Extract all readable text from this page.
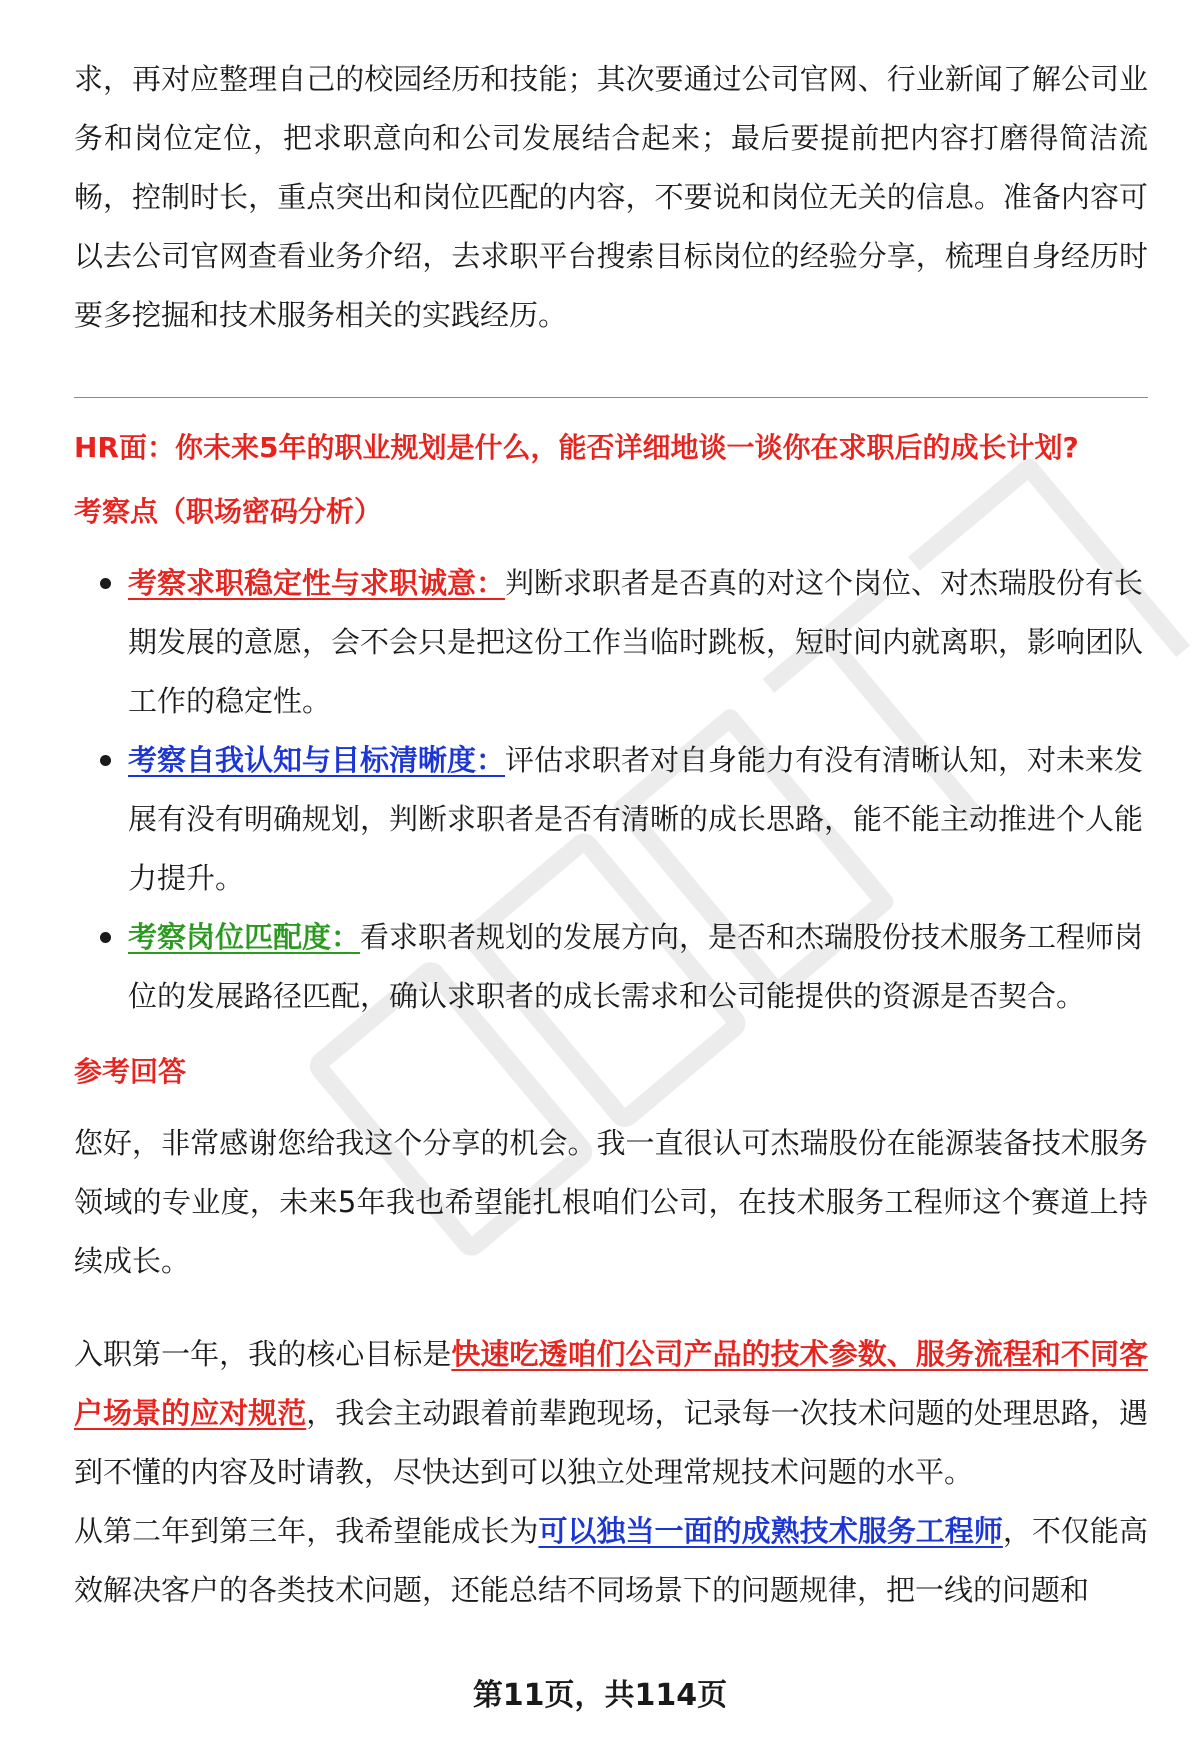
求，再对应整理自己的校园经历和技能；其次要通过公司官网、行业新闻了解公司业务和岗位定位，把求职意向和公司发展结合起来；最后要提前把内容打磨得简洁流畅，控制时长，重点突出和岗位匹配的内容，不要说和岗位无关的信息。准备内容可以去公司官网查看业务介绍，去求职平台搜索目标岗位的经验分享，梳理自身经历时要多挖掘和技术服务相关的实践经历。

HR面：你未来5年的职业规划是什么，能否详细地谈一谈你在求职后的成长计划?

考察点（职场密码分析）

考察求职稳定性与求职诚意：判断求职者是否真的对这个岗位、对杰瑞股份有长期发展的意愿，会不会只是把这份工作当临时跳板，短时间内就离职，影响团队工作的稳定性。
考察自我认知与目标清晰度：评估求职者对自身能力有没有清晰认知，对未来发展有没有明确规划，判断求职者是否有清晰的成长思路，能不能主动推进个人能力提升。
考察岗位匹配度：看求职者规划的发展方向，是否和杰瑞股份技术服务工程师岗位的发展路径匹配，确认求职者的成长需求和公司能提供的资源是否契合。

参考回答

您好，非常感谢您给我这个分享的机会。我一直很认可杰瑞股份在能源装备技术服务领域的专业度，未来5年我也希望能扎根咱们公司，在技术服务工程师这个赛道上持续成长。

入职第一年，我的核心目标是快速吃透咱们公司产品的技术参数、服务流程和不同客户场景的应对规范，我会主动跟着前辈跑现场，记录每一次技术问题的处理思路，遇到不懂的内容及时请教，尽快达到可以独立处理常规技术问题的水平。

从第二年到第三年，我希望能成长为可以独当一面的成熟技术服务工程师，不仅能高效解决客户的各类技术问题，还能总结不同场景下的问题规律，把一线的问题和

第11页，共114页
